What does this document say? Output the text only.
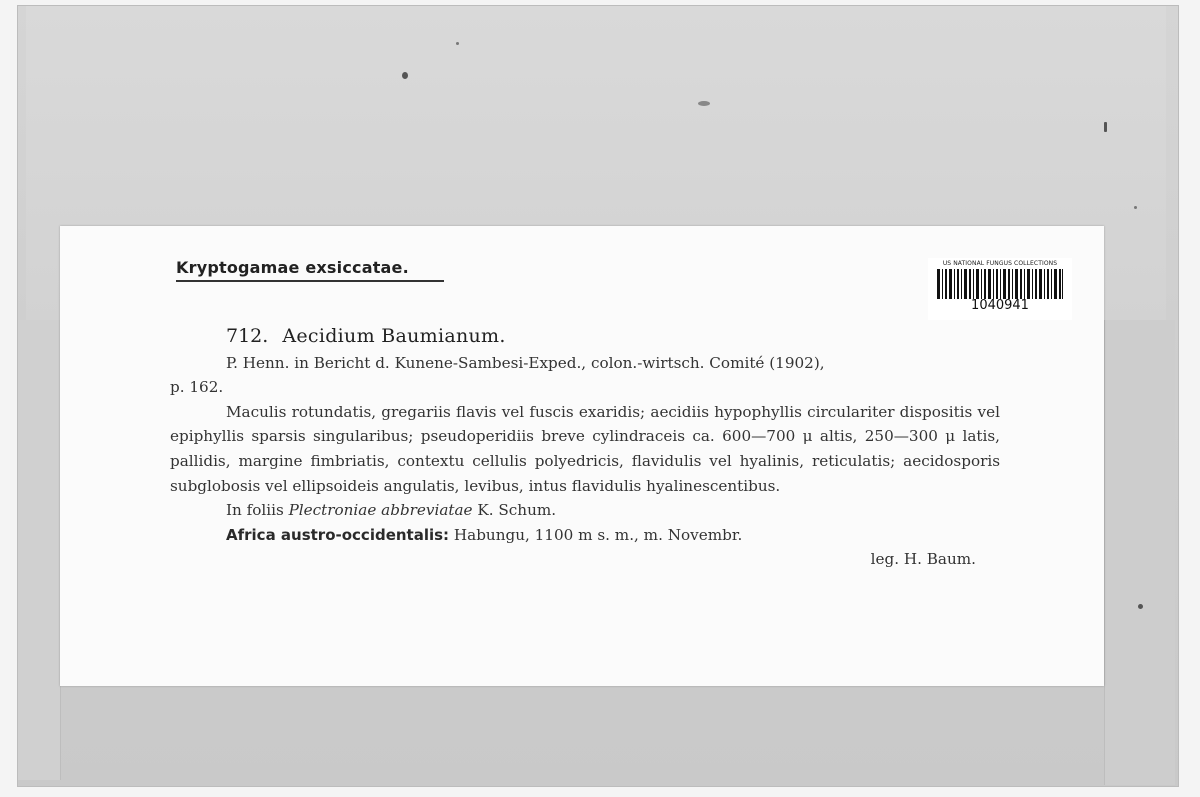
Kryptogamae exsiccatae.	US NATIONAL FUNGUS COLLECTIONS
1040941
712. Aecidium Baumianum.

P. Henn. in Bericht d. Kunene-Sambesi-Exped., colon.-wirtsch. Comité (1902),

p. 162.

Maculis rotundatis, gregariis flavis vel fuscis exaridis; aecidiis hypophyllis circulariter dispositis vel epiphyllis sparsis singularibus; pseudoperidiis breve cylindraceis ca. 600—700 μ altis, 250—300 μ latis, pallidis, margine fimbriatis, contextu cellulis polyedricis, flavidulis vel hyalinis, reticulatis; aecidosporis subglobosis vel ellipsoideis angulatis, levibus, intus flavidulis hyalinescentibus.

In foliis Plectroniae abbreviatae K. Schum.

Africa austro-occidentalis: Habungu, 1100 m s. m., m. Novembr.

leg. H. Baum.
